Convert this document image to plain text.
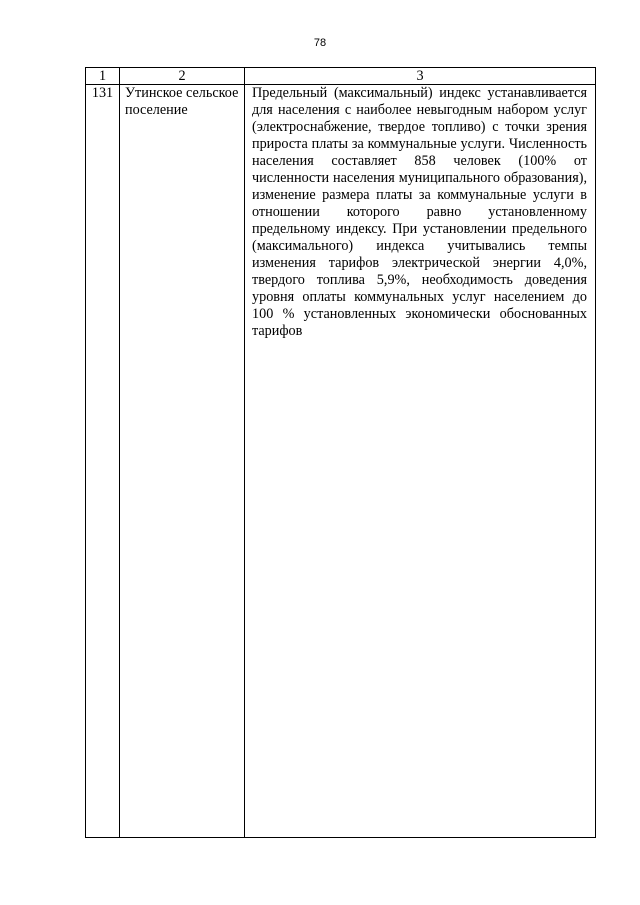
78
1	2	3

131	Утинское сельское поселение	Предельный (максимальный) индекс устанавливается для населения с наиболее невыгодным набором услуг (электроснабжение, твердое топливо) с точки зрения прироста платы за коммунальные услуги. Численность населения составляет 858 человек (100% от численности населения муниципального образования), изменение размера платы за коммунальные услуги в отношении которого равно установленному предельному индексу. При установлении предельного (максимального) индекса учитывались темпы изменения тарифов электрической энергии 4,0%, твердого топлива 5,9%, необходимость доведения уровня оплаты коммунальных услуг населением до 100 % установленных экономически обоснованных тарифов
